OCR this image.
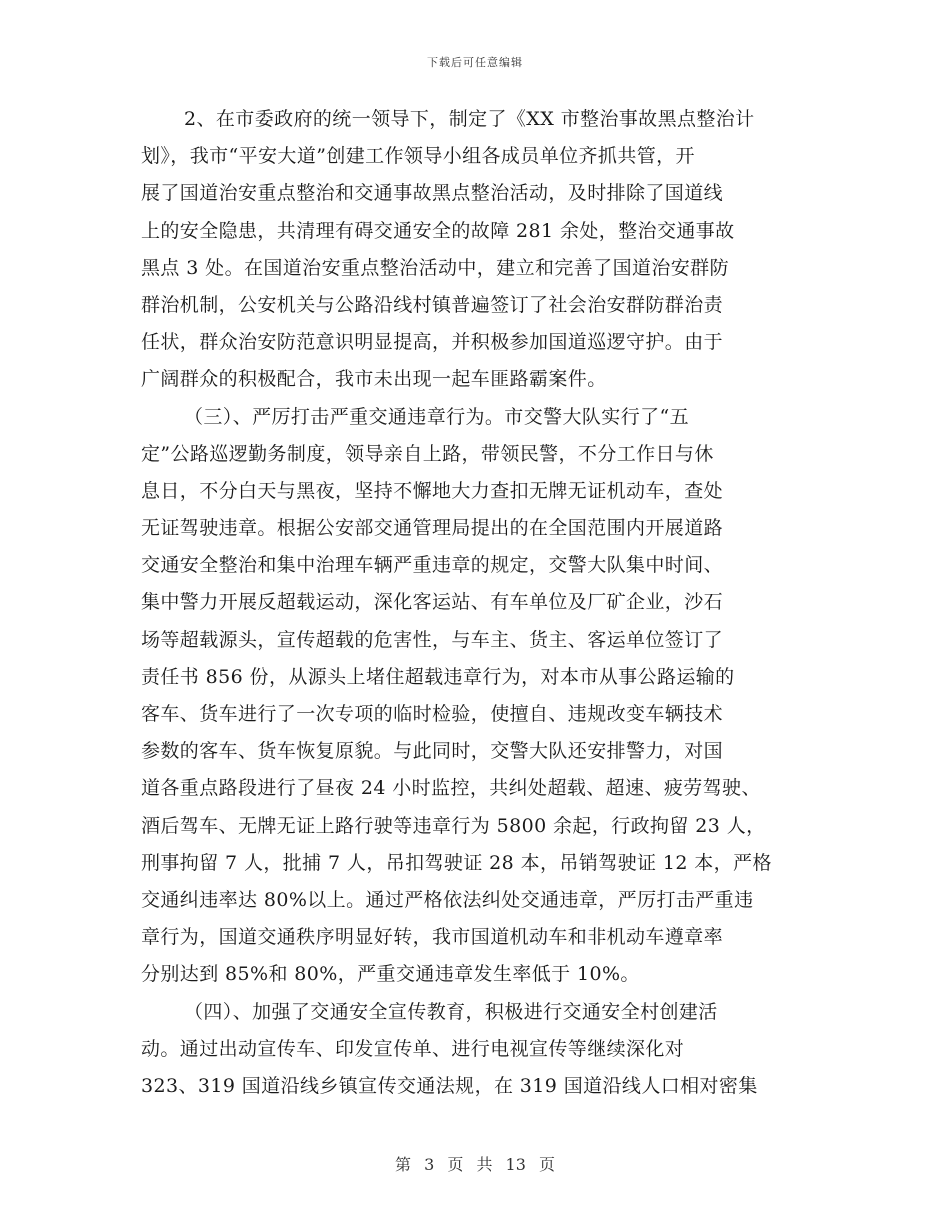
下载后可任意编辑
2、在市委政府的统一领导下，制定了《XX 市整治事故黑点整治计
划》，我市“平安大道”创建工作领导小组各成员单位齐抓共管，开
展了国道治安重点整治和交通事故黑点整治活动，及时排除了国道线
上的安全隐患，共清理有碍交通安全的故障 281 余处，整治交通事故
黑点 3 处。在国道治安重点整治活动中，建立和完善了国道治安群防
群治机制，公安机关与公路沿线村镇普遍签订了社会治安群防群治责
任状，群众治安防范意识明显提高，并积极参加国道巡逻守护。由于
广阔群众的积极配合，我市未出现一起车匪路霸案件。
（三）、严厉打击严重交通违章行为。市交警大队实行了“五
定”公路巡逻勤务制度，领导亲自上路，带领民警，不分工作日与休
息日，不分白天与黑夜，坚持不懈地大力查扣无牌无证机动车，查处
无证驾驶违章。根据公安部交通管理局提出的在全国范围内开展道路
交通安全整治和集中治理车辆严重违章的规定，交警大队集中时间、
集中警力开展反超载运动，深化客运站、有车单位及厂矿企业，沙石
场等超载源头，宣传超载的危害性，与车主、货主、客运单位签订了
责任书 856 份，从源头上堵住超载违章行为，对本市从事公路运输的
客车、货车进行了一次专项的临时检验，使擅自、违规改变车辆技术
参数的客车、货车恢复原貌。与此同时，交警大队还安排警力，对国
道各重点路段进行了昼夜 24 小时监控，共纠处超载、超速、疲劳驾驶、
酒后驾车、无牌无证上路行驶等违章行为 5800 余起，行政拘留 23 人，
刑事拘留 7 人，批捕 7 人，吊扣驾驶证 28 本，吊销驾驶证 12 本，严格
交通纠违率达 80%以上。通过严格依法纠处交通违章，严厉打击严重违
章行为，国道交通秩序明显好转，我市国道机动车和非机动车遵章率
分别达到 85%和 80%，严重交通违章发生率低于 10%。
（四）、加强了交通安全宣传教育，积极进行交通安全村创建活
动。通过出动宣传车、印发宣传单、进行电视宣传等继续深化对
323、319 国道沿线乡镇宣传交通法规，在 319 国道沿线人口相对密集
第 3 页 共 13 页
